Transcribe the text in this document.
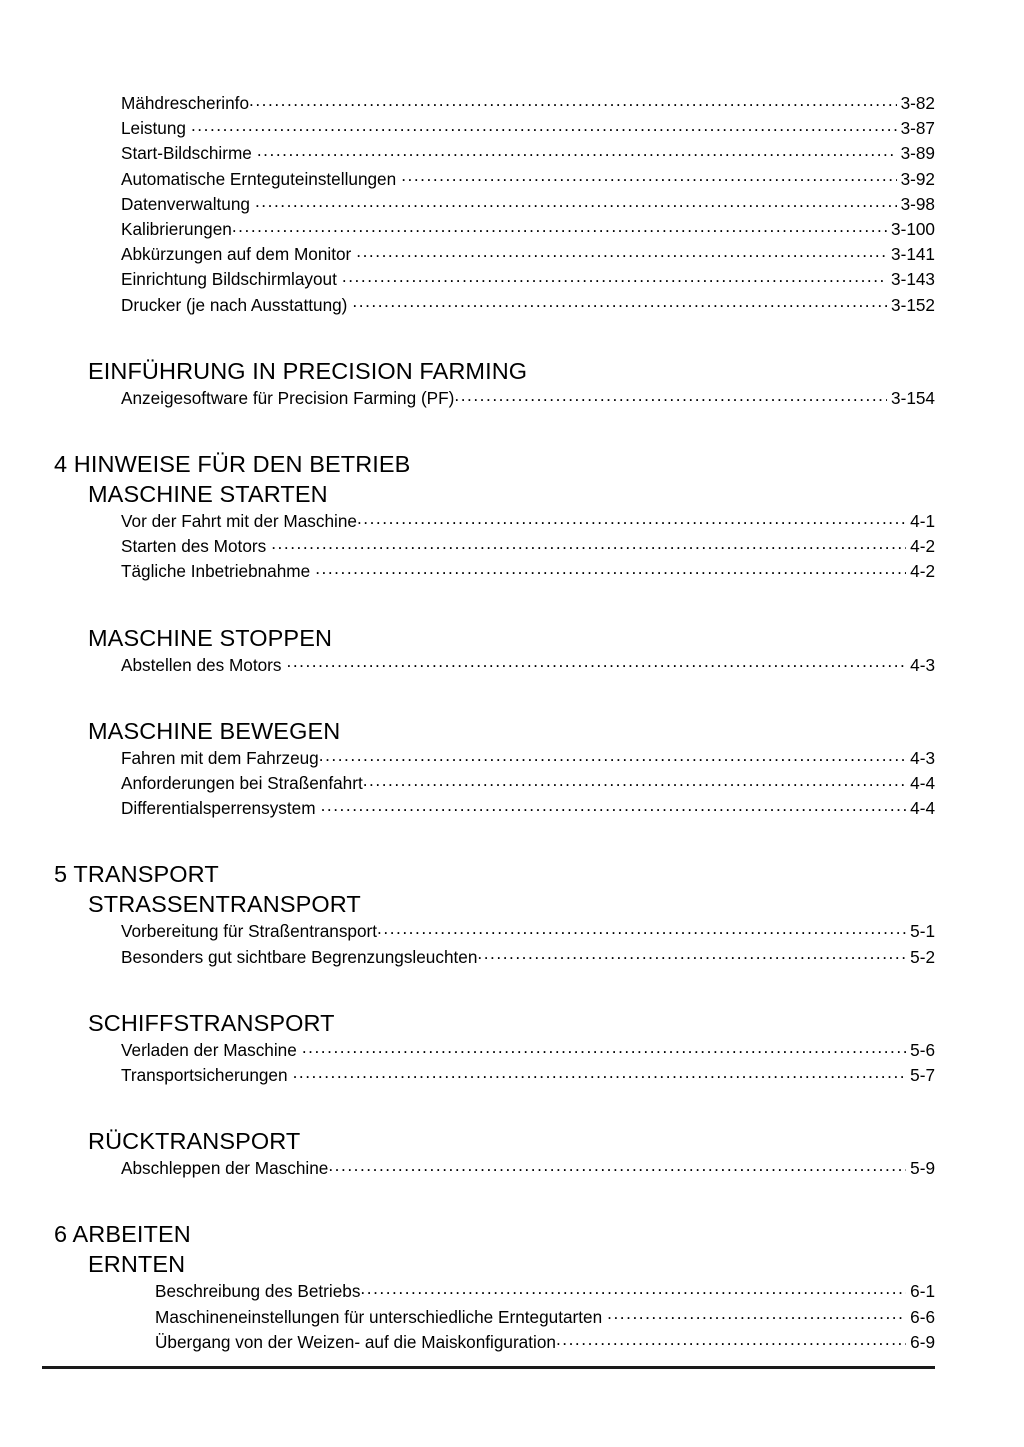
Mähdrescherinfo .....	3-82
Leistung .....	3-87
Start-Bildschirme .....	3-89
Automatische Ernteguteinstellungen .....	3-92
Datenverwaltung .....	3-98
Kalibrierungen .....	3-100
Abkürzungen auf dem Monitor .....	3-141
Einrichtung Bildschirmlayout .....	3-143
Drucker (je nach Ausstattung) .....	3-152
EINFÜHRUNG IN PRECISION FARMING
Anzeigesoftware für Precision Farming (PF) .....	3-154
4 HINWEISE FÜR DEN BETRIEB
MASCHINE STARTEN
Vor der Fahrt mit der Maschine .....	4-1
Starten des Motors .....	4-2
Tägliche Inbetriebnahme .....	4-2
MASCHINE STOPPEN
Abstellen des Motors .....	4-3
MASCHINE BEWEGEN
Fahren mit dem Fahrzeug .....	4-3
Anforderungen bei Straßenfahrt .....	4-4
Differentialsperrensystem .....	4-4
5 TRANSPORT
STRASSENTRANSPORT
Vorbereitung für Straßentransport .....	5-1
Besonders gut sichtbare Begrenzungsleuchten .....	5-2
SCHIFFSTRANSPORT
Verladen der Maschine .....	5-6
Transportsicherungen .....	5-7
RÜCKTRANSPORT
Abschleppen der Maschine .....	5-9
6 ARBEITEN
ERNTEN
Beschreibung des Betriebs .....	6-1
Maschineneinstellungen für unterschiedliche Erntegutarten .....	6-6
Übergang von der Weizen- auf die Maiskonfiguration .....	6-9
